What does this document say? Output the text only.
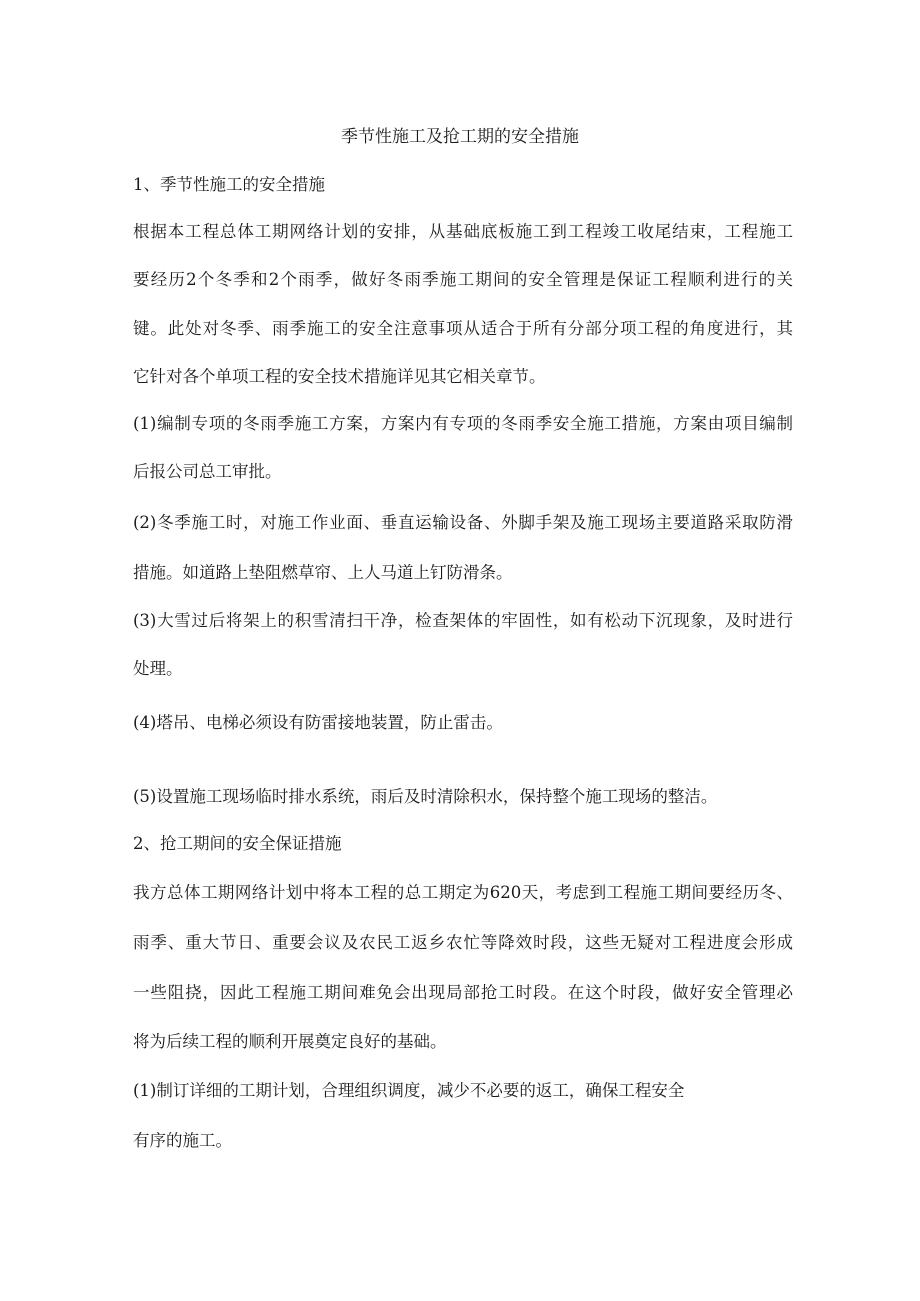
季节性施工及抢工期的安全措施

1、季节性施工的安全措施

根据本工程总体工期网络计划的安排，从基础底板施工到工程竣工收尾结束，工程施工

要经历2个冬季和2个雨季，做好冬雨季施工期间的安全管理是保证工程顺利进行的关

键。此处对冬季、雨季施工的安全注意事项从适合于所有分部分项工程的角度进行，其

它针对各个单项工程的安全技术措施详见其它相关章节。

(1)编制专项的冬雨季施工方案，方案内有专项的冬雨季安全施工措施，方案由项目编制

后报公司总工审批。

(2)冬季施工时，对施工作业面、垂直运输设备、外脚手架及施工现场主要道路采取防滑

措施。如道路上垫阻燃草帘、上人马道上钉防滑条。

(3)大雪过后将架上的积雪清扫干净，检查架体的牢固性，如有松动下沉现象，及时进行

处理。

(4)塔吊、电梯必须设有防雷接地装置，防止雷击。

(5)设置施工现场临时排水系统，雨后及时清除积水，保持整个施工现场的整洁。

2、抢工期间的安全保证措施

我方总体工期网络计划中将本工程的总工期定为620天，考虑到工程施工期间要经历冬、

雨季、重大节日、重要会议及农民工返乡农忙等降效时段，这些无疑对工程进度会形成

一些阻挠，因此工程施工期间难免会出现局部抢工时段。在这个时段，做好安全管理必

将为后续工程的顺利开展奠定良好的基础。

(1)制订详细的工期计划，合理组织调度，减少不必要的返工，确保工程安全

有序的施工。
